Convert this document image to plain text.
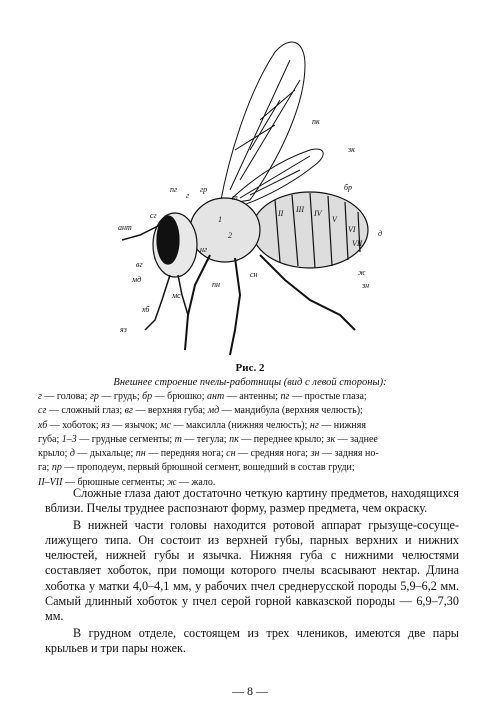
пк
зк
бр
пг
г
гр
сг
т
ант
вг
мд
нг
пн
сн
мс
хб
яз
ж
зн
д
1
2
II III IV
V
VI
VII
Рис. 2
Внешнее строение пчелы-работницы (вид с левой стороны):
г — голова; гр — грудь; бр — брюшко; ант — антенны; пг — простые глаза;
сг — сложный глаз; вг — верхняя губа; мд — мандибула (верхняя челюсть);
хб — хоботок; яз — язычок; мс — максилла (нижняя челюсть); нг — нижняя
губа; 1–3 — грудные сегменты; т — тегула; пк — переднее крыло; зк — заднее
крыло; д — дыхальце; пн — передняя нога; сн — средняя нога; зн — задняя но-
га; пр — проподеум, первый брюшной сегмент, вошедший в состав груди;
II–VII — брюшные сегменты; ж — жало.

Сложные глаза дают достаточно четкую картину предметов, находящихся вблизи. Пчелы труднее распознают форму, размер предмета, чем окраску.

В нижней части головы находится ротовой аппарат грызуще-сосуще-лижущего типа. Он состоит из верхней губы, парных верхних и нижних челюстей, нижней губы и язычка. Нижняя губа с нижними челюстями составляет хоботок, при помощи которого пчелы всасывают нектар. Длина хоботка у матки 4,0–4,1 мм, у рабочих пчел среднерусской породы 5,9–6,2 мм. Самый длинный хоботок у пчел серой горной кавказской породы — 6,9–7,30 мм.

В грудном отделе, состоящем из трех члеников, имеются две пары крыльев и три пары ножек.

— 8 —
